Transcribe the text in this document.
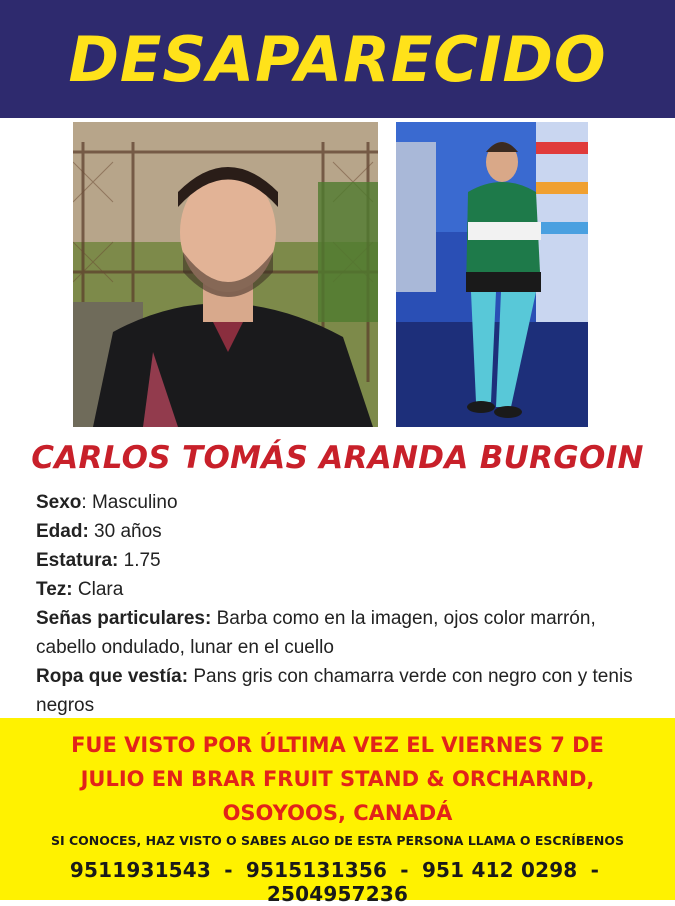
DESAPARECIDO
CARLOS TOMÁS ARANDA BURGOIN

Sexo: Masculino

Edad: 30 años

Estatura: 1.75

Tez: Clara

Señas particulares: Barba como en la imagen, ojos color marrón, cabello ondulado, lunar en el cuello

Ropa que vestía: Pans gris con chamarra verde con negro con y tenis negros

FUE VISTO POR ÚLTIMA VEZ EL VIERNES 7 DE
JULIO EN BRAR FRUIT STAND & ORCHARND,
OSOYOOS, CANADÁ
SI CONOCES, HAZ VISTO O SABES ALGO DE ESTA PERSONA LLAMA O ESCRÍBENOS
9511931543 - 9515131356 - 951 412 0298 - 2504957236
